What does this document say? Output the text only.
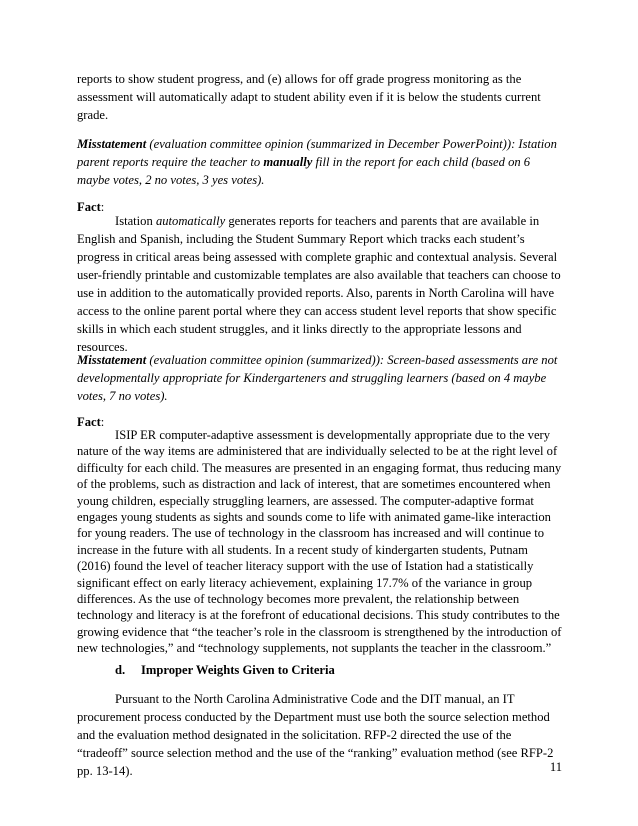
reports to show student progress, and (e) allows for off grade progress monitoring as the
assessment will automatically adapt to student ability even if it is below the students current
grade.

Misstatement (evaluation committee opinion (summarized in December PowerPoint)): Istation parent reports require the teacher to manually fill in the report for each child (based on 6 maybe votes, 2 no votes, 3 yes votes).

Fact:

Istation automatically generates reports for teachers and parents that are available in English and Spanish, including the Student Summary Report which tracks each student’s progress in critical areas being assessed with complete graphic and contextual analysis. Several user-friendly printable and customizable templates are also available that teachers can choose to use in addition to the automatically provided reports. Also, parents in North Carolina will have access to the online parent portal where they can access student level reports that show specific skills in which each student struggles, and it links directly to the appropriate lessons and resources.

Misstatement (evaluation committee opinion (summarized)): Screen-based assessments are not developmentally appropriate for Kindergarteners and struggling learners (based on 4 maybe votes, 7 no votes).

Fact:

ISIP ER computer-adaptive assessment is developmentally appropriate due to the very nature of the way items are administered that are individually selected to be at the right level of difficulty for each child. The measures are presented in an engaging format, thus reducing many of the problems, such as distraction and lack of interest, that are sometimes encountered when young children, especially struggling learners, are assessed. The computer-adaptive format engages young students as sights and sounds come to life with animated game-like interaction for young readers. The use of technology in the classroom has increased and will continue to increase in the future with all students. In a recent study of kindergarten students, Putnam (2016) found the level of teacher literacy support with the use of Istation had a statistically significant effect on early literacy achievement, explaining 17.7% of the variance in group differences. As the use of technology becomes more prevalent, the relationship between technology and literacy is at the forefront of educational decisions. This study contributes to the growing evidence that “the teacher’s role in the classroom is strengthened by the introduction of new technologies,” and “technology supplements, not supplants the teacher in the classroom.”

d. Improper Weights Given to Criteria

Pursuant to the North Carolina Administrative Code and the DIT manual, an IT procurement process conducted by the Department must use both the source selection method and the evaluation method designated in the solicitation. RFP-2 directed the use of the “tradeoff” source selection method and the use of the “ranking” evaluation method (see RFP-2 pp. 13-14).	11
